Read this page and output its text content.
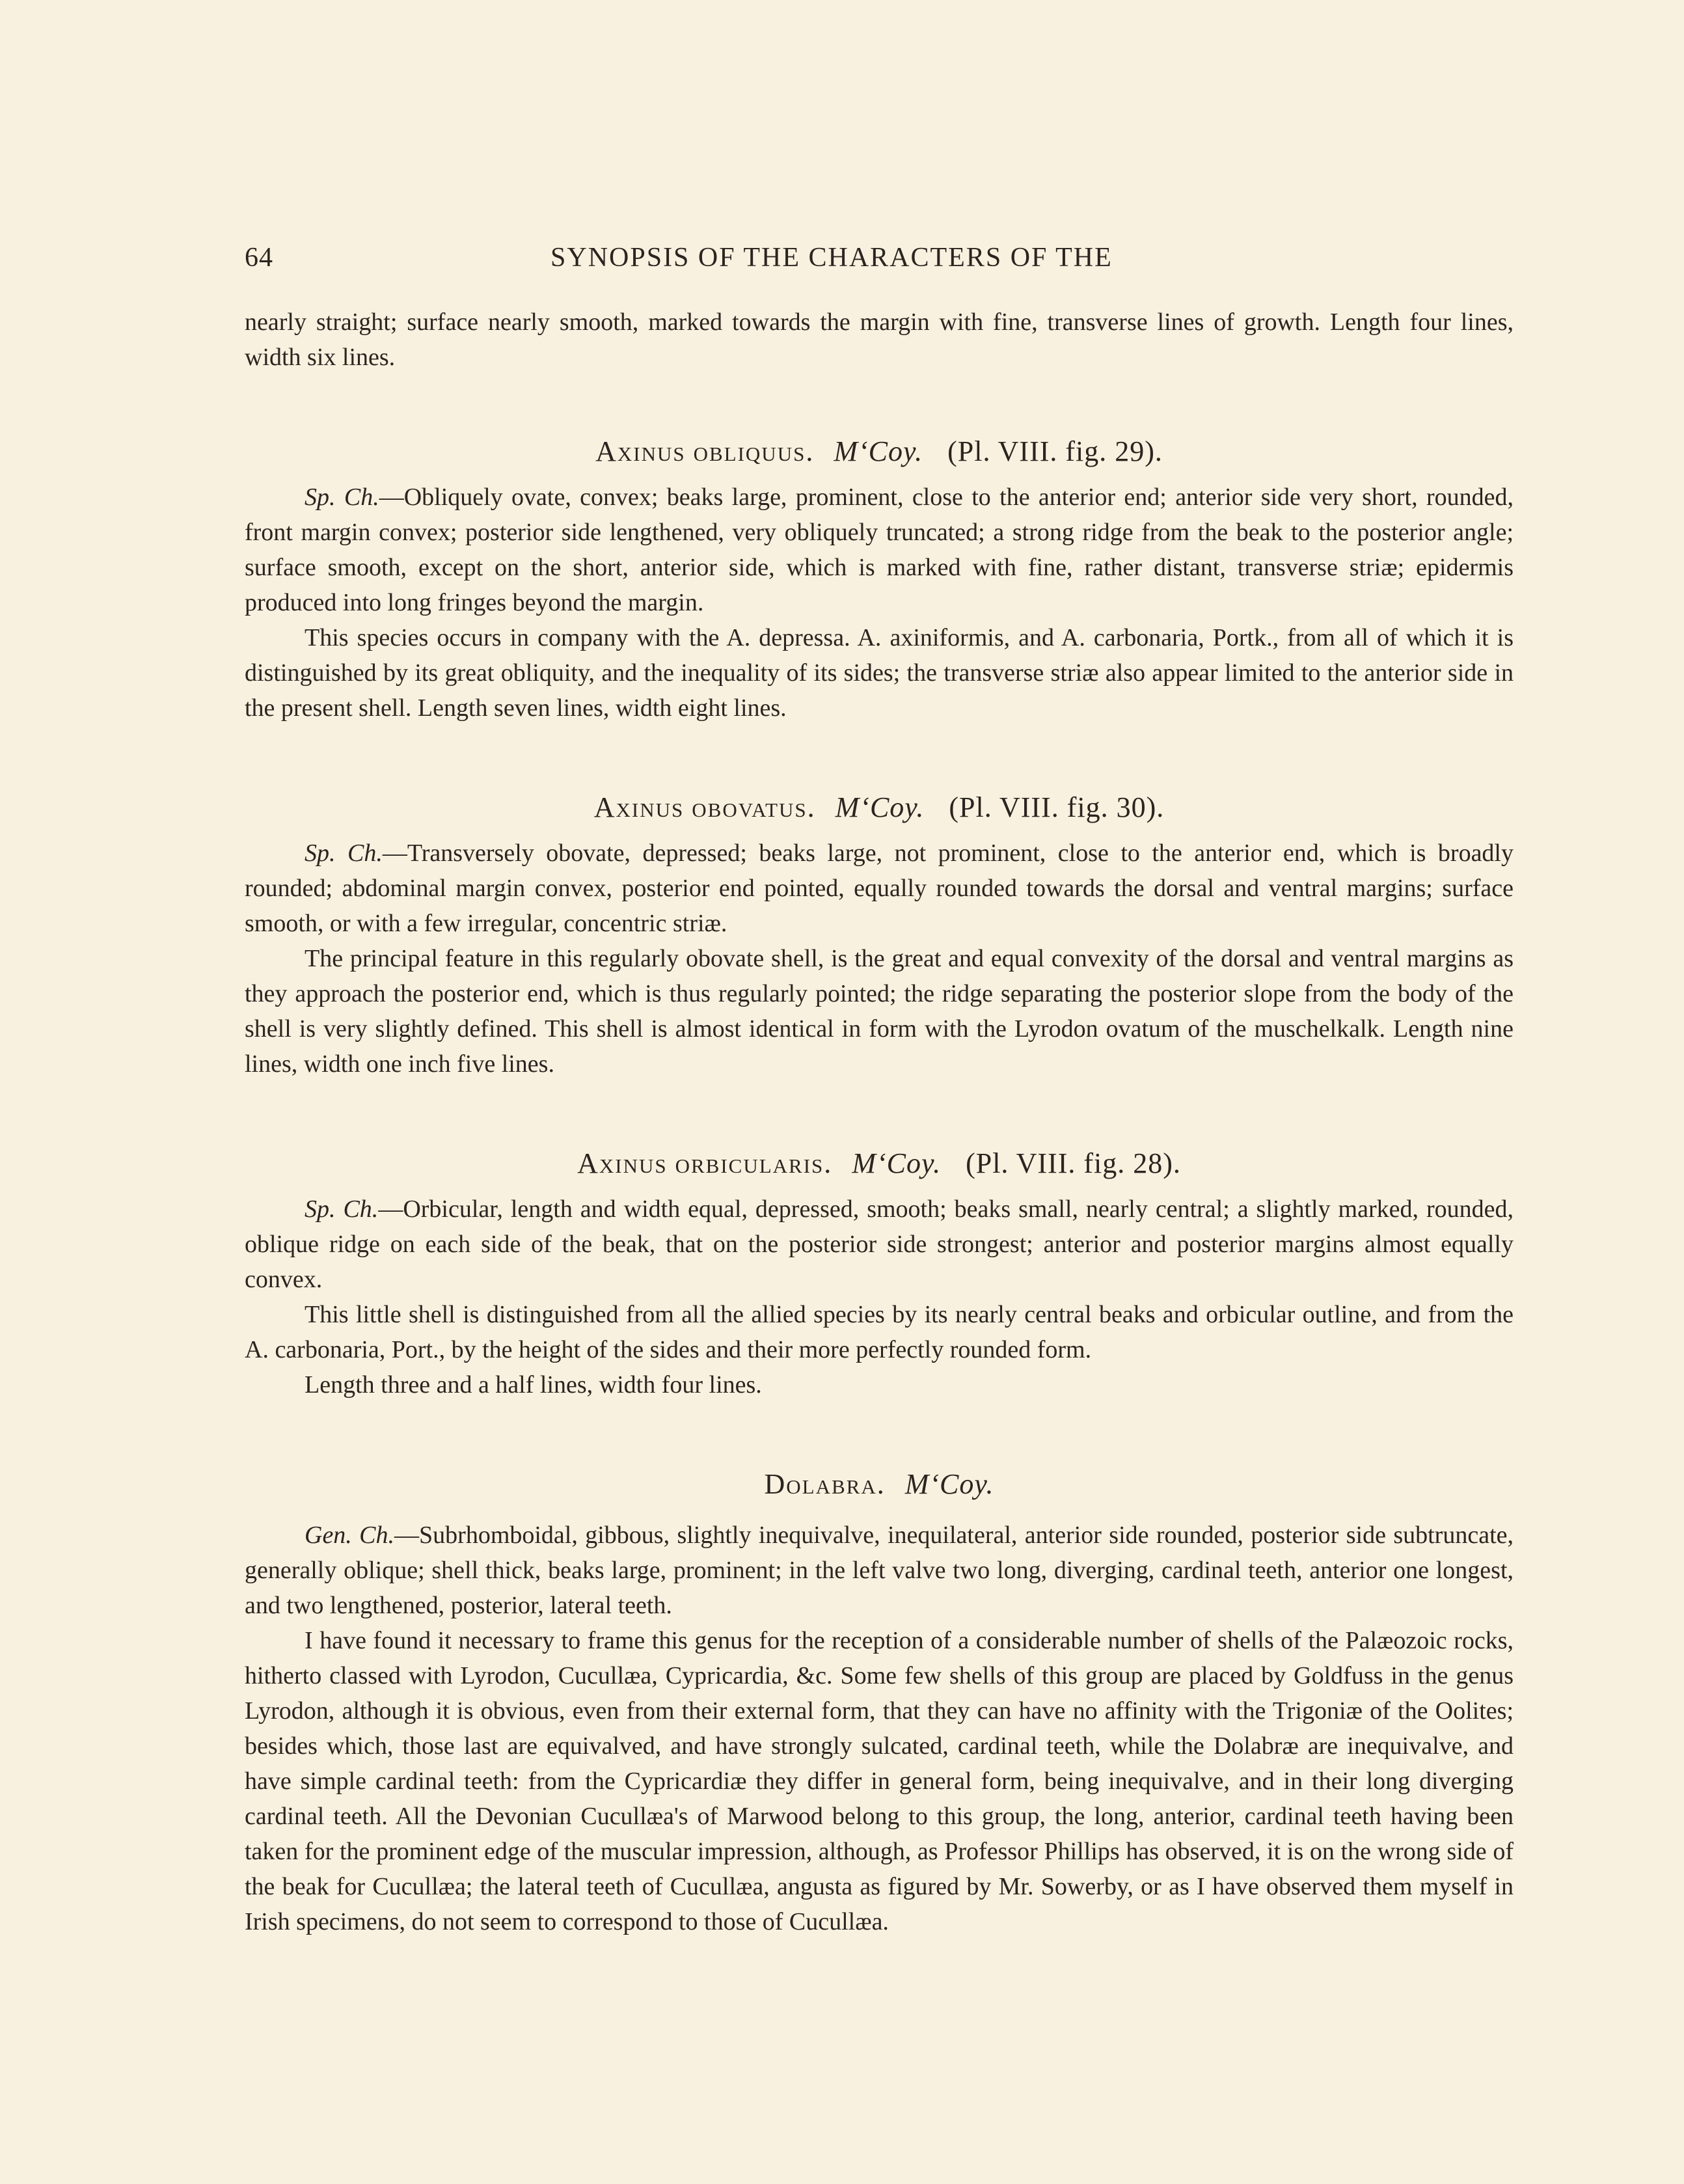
64	SYNOPSIS OF THE CHARACTERS OF THE

nearly straight; surface nearly smooth, marked towards the margin with fine, transverse lines of growth. Length four lines, width six lines.

Axinus obliquus. M‘Coy. (Pl. VIII. fig. 29).

Sp. Ch.—Obliquely ovate, convex; beaks large, prominent, close to the anterior end; anterior side very short, rounded, front margin convex; posterior side lengthened, very obliquely truncated; a strong ridge from the beak to the posterior angle; surface smooth, except on the short, anterior side, which is marked with fine, rather distant, transverse striæ; epidermis produced into long fringes beyond the margin.

This species occurs in company with the A. depressa. A. axiniformis, and A. carbonaria, Portk., from all of which it is distinguished by its great obliquity, and the inequality of its sides; the transverse striæ also appear limited to the anterior side in the present shell. Length seven lines, width eight lines.

Axinus obovatus. M‘Coy. (Pl. VIII. fig. 30).

Sp. Ch.—Transversely obovate, depressed; beaks large, not prominent, close to the anterior end, which is broadly rounded; abdominal margin convex, posterior end pointed, equally rounded towards the dorsal and ventral margins; surface smooth, or with a few irregular, concentric striæ.

The principal feature in this regularly obovate shell, is the great and equal convexity of the dorsal and ventral margins as they approach the posterior end, which is thus regularly pointed; the ridge separating the posterior slope from the body of the shell is very slightly defined. This shell is almost identical in form with the Lyrodon ovatum of the muschelkalk. Length nine lines, width one inch five lines.

Axinus orbicularis. M‘Coy. (Pl. VIII. fig. 28).

Sp. Ch.—Orbicular, length and width equal, depressed, smooth; beaks small, nearly central; a slightly marked, rounded, oblique ridge on each side of the beak, that on the posterior side strongest; anterior and posterior margins almost equally convex.

This little shell is distinguished from all the allied species by its nearly central beaks and orbicular outline, and from the A. carbonaria, Port., by the height of the sides and their more perfectly rounded form.

Length three and a half lines, width four lines.

Dolabra. M‘Coy.

Gen. Ch.—Subrhomboidal, gibbous, slightly inequivalve, inequilateral, anterior side rounded, posterior side subtruncate, generally oblique; shell thick, beaks large, prominent; in the left valve two long, diverging, cardinal teeth, anterior one longest, and two lengthened, posterior, lateral teeth.

I have found it necessary to frame this genus for the reception of a considerable number of shells of the Palæozoic rocks, hitherto classed with Lyrodon, Cucullæa, Cypricardia, &c. Some few shells of this group are placed by Goldfuss in the genus Lyrodon, although it is obvious, even from their external form, that they can have no affinity with the Trigoniæ of the Oolites; besides which, those last are equivalved, and have strongly sulcated, cardinal teeth, while the Dolabræ are inequivalve, and have simple cardinal teeth: from the Cypricardiæ they differ in general form, being inequivalve, and in their long diverging cardinal teeth. All the Devonian Cucullæa's of Marwood belong to this group, the long, anterior, cardinal teeth having been taken for the prominent edge of the muscular impression, although, as Professor Phillips has observed, it is on the wrong side of the beak for Cucullæa; the lateral teeth of Cucullæa, angusta as figured by Mr. Sowerby, or as I have observed them myself in Irish specimens, do not seem to correspond to those of Cucullæa.
